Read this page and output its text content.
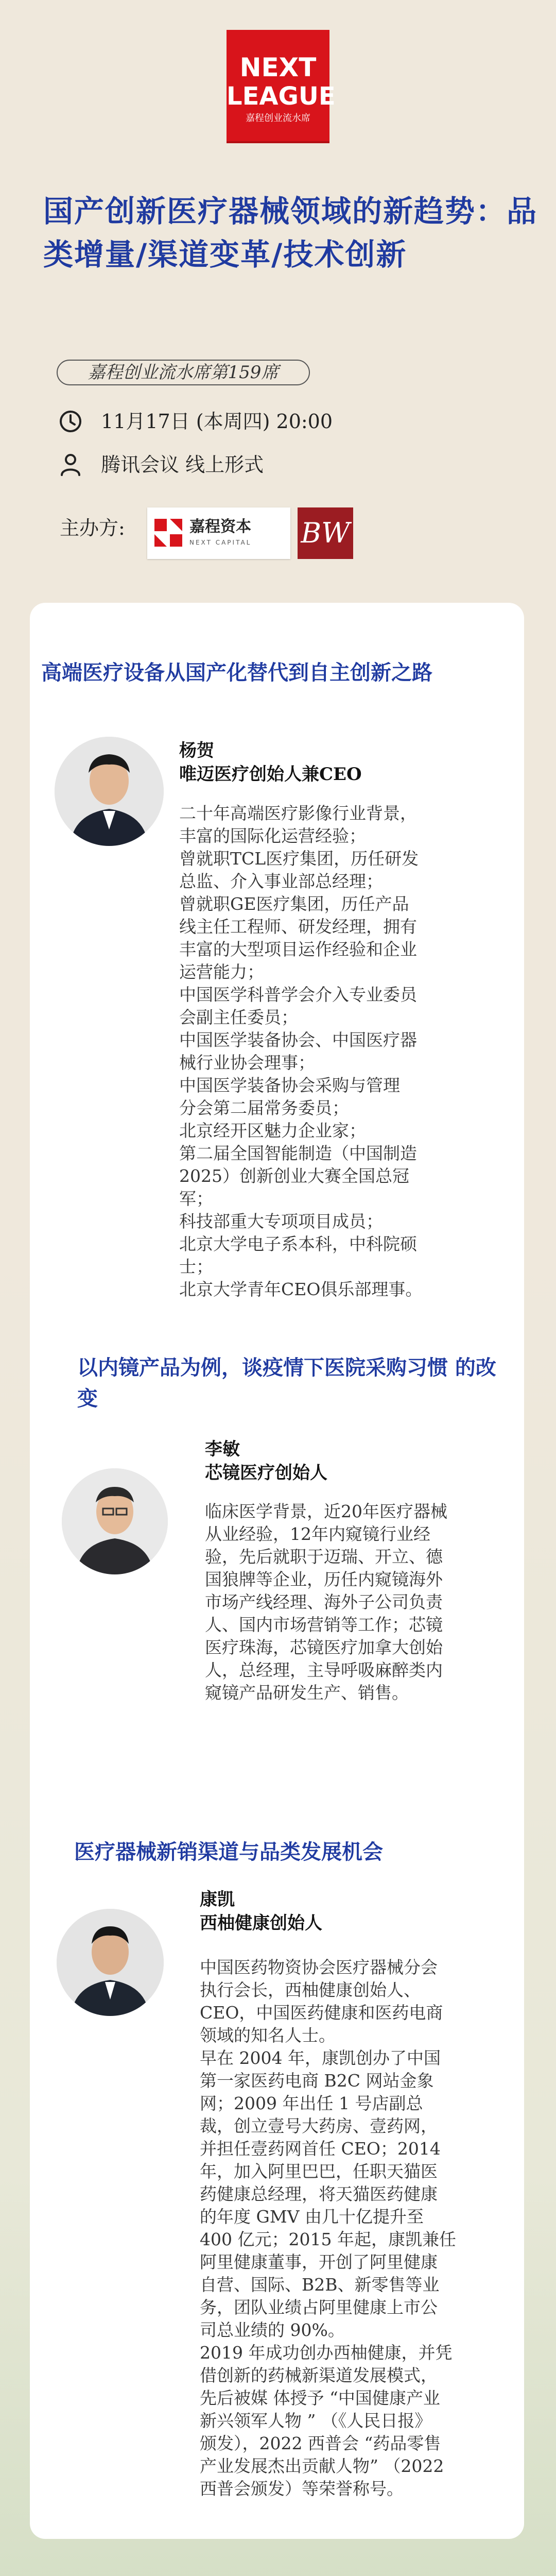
NEXT
LEAGUE
嘉程创业流水席
国产创新医疗器械领域的新趋势：品类增量/渠道变革/技术创新
嘉程创业流水席第159席
11月17日 (本周四) 20:00
腾讯会议 线上形式
主办方:	嘉程资本
NEXT CAPITAL BW
高端医疗设备从国产化替代到自主创新之路
杨贺
唯迈医疗创始人兼CEO
二十年高端医疗影像行业背景，
丰富的国际化运营经验；
曾就职TCL医疗集团，历任研发
总监、介入事业部总经理；
曾就职GE医疗集团，历任产品
线主任工程师、研发经理，拥有
丰富的大型项目运作经验和企业
运营能力；
中国医学科普学会介入专业委员
会副主任委员；
中国医学装备协会、中国医疗器
械行业协会理事；
中国医学装备协会采购与管理
分会第二届常务委员；
北京经开区魅力企业家；
第二届全国智能制造（中国制造
2025）创新创业大赛全国总冠
军；
科技部重大专项项目成员；
北京大学电子系本科，中科院硕
士；
北京大学青年CEO俱乐部理事。
以内镜产品为例，谈疫情下医院采购习惯 的改变
李敏
芯镜医疗创始人
临床医学背景，近20年医疗器械
从业经验，12年内窥镜行业经
验，先后就职于迈瑞、开立、德
国狼牌等企业，历任内窥镜海外
市场产线经理、海外子公司负责
人、国内市场营销等工作；芯镜
医疗珠海，芯镜医疗加拿大创始
人，总经理，主导呼吸麻醉类内
窥镜产品研发生产、销售。
医疗器械新销渠道与品类发展机会
康凯
西柚健康创始人
中国医药物资协会医疗器械分会
执行会长，西柚健康创始人、
CEO，中国医药健康和医药电商
领域的知名人士。
早在 2004 年，康凯创办了中国
第一家医药电商 B2C 网站金象
网；2009 年出任 1 号店副总
裁，创立壹号大药房、壹药网，
并担任壹药网首任 CEO；2014
年，加入阿里巴巴，任职天猫医
药健康总经理，将天猫医药健康
的年度 GMV 由几十亿提升至
400 亿元；2015 年起，康凯兼任
阿里健康董事，开创了阿里健康
自营、国际、B2B、新零售等业
务，团队业绩占阿里健康上市公
司总业绩的 90%。
2019 年成功创办西柚健康，并凭
借创新的药械新渠道发展模式，
先后被媒 体授予 “中国健康产业
新兴领军人物 ” （《人民日报》
颁发），2022 西普会 “药品零售
产业发展杰出贡献人物” （2022
西普会颁发）等荣誉称号。
